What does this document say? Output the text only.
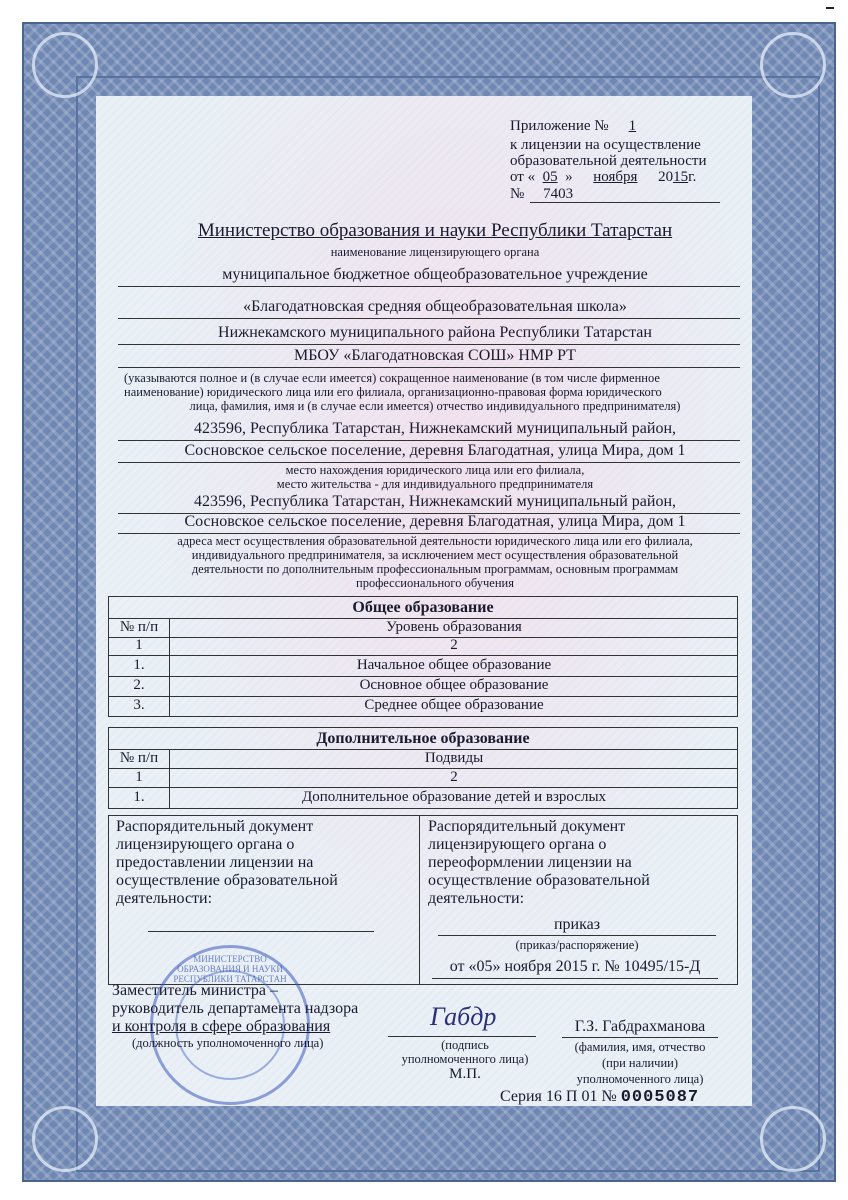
Приложение № 1
к лицензии на осуществление
образовательной деятельности
от « 05 » ноября 2015г.
№ 7403
Министерство образования и науки Республики Татарстан
наименование лицензирующего органа
муниципальное бюджетное общеобразовательное учреждение
«Благодатновская средняя общеобразовательная школа»
Нижнекамского муниципального района Республики Татарстан
МБОУ «Благодатновская СОШ» НМР РТ
(указываются полное и (в случае если имеется) сокращенное наименование (в том числе фирменное
наименование) юридического лица или его филиала, организационно-правовая форма юридического
лица, фамилия, имя и (в случае если имеется) отчество индивидуального предпринимателя)
423596, Республика Татарстан, Нижнекамский муниципальный район,
Сосновское сельское поселение, деревня Благодатная, улица Мира, дом 1
место нахождения юридического лица или его филиала,
место жительства - для индивидуального предпринимателя
423596, Республика Татарстан, Нижнекамский муниципальный район,
Сосновское сельское поселение, деревня Благодатная, улица Мира, дом 1
адреса мест осуществления образовательной деятельности юридического лица или его филиала,
индивидуального предпринимателя, за исключением мест осуществления образовательной
деятельности по дополнительным профессиональным программам, основным программам
профессионального обучения
Общее образование
№ п/п	Уровень образования
1	2
1.	Начальное общее образование
2.	Основное общее образование
3.	Среднее общее образование
Дополнительное образование
№ п/п	Подвиды
1	2
1.	Дополнительное образование детей и взрослых
Распорядительный документ
лицензирующего органа о
предоставлении лицензии на
осуществление образовательной
деятельности:
Распорядительный документ
лицензирующего органа о
переоформлении лицензии на
осуществление образовательной
деятельности:
приказ
(приказ/распоряжение)
от «05» ноября 2015 г. № 10495/15-Д
МИНИСТЕРСТВО ОБРАЗОВАНИЯ И НАУКИ РЕСПУБЛИКИ ТАТАРСТАН
Заместитель министра –
руководитель департамента надзора
и контроля в сфере образования
(должность уполномоченного лица)
Габдр
(подпись
уполномоченного лица)
М.П.
Г.З. Габдрахманова
(фамилия, имя, отчество
(при наличии)
уполномоченного лица)
Серия 16 П 01 № 0005087
